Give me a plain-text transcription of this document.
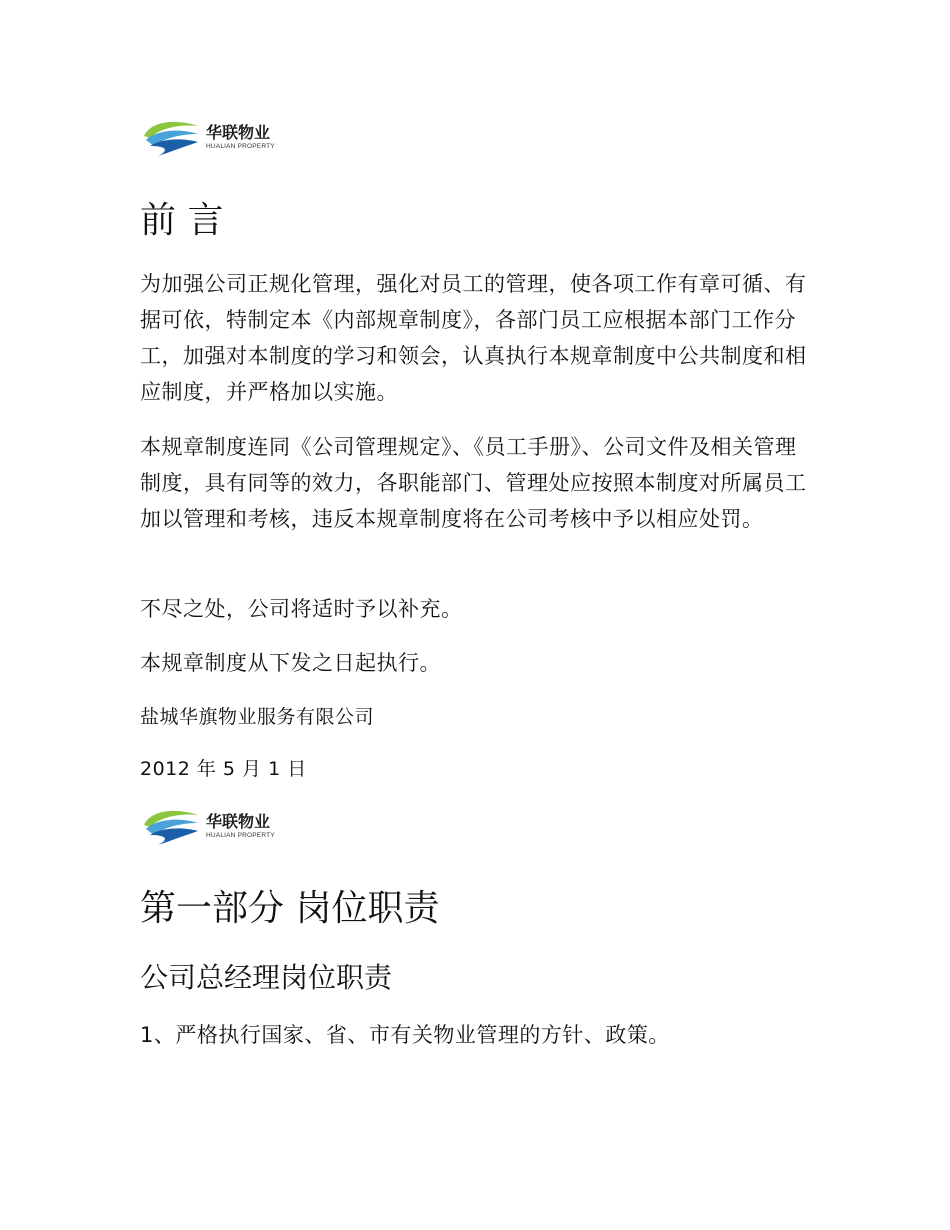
华联物业
HUALIAN PROPERTY
前 言

为加强公司正规化管理，强化对员工的管理，使各项工作有章可循、有据可依，特制定本《内部规章制度》，各部门员工应根据本部门工作分工，加强对本制度的学习和领会，认真执行本规章制度中公共制度和相应制度，并严格加以实施。

本规章制度连同《公司管理规定》、《员工手册》、公司文件及相关管理制度，具有同等的效力，各职能部门、管理处应按照本制度对所属员工加以管理和考核，违反本规章制度将在公司考核中予以相应处罚。

不尽之处，公司将适时予以补充。

本规章制度从下发之日起执行。

盐城华旗物业服务有限公司

2012 年 5 月 1 日

华联物业
HUALIAN PROPERTY
第一部分 岗位职责
公司总经理岗位职责

1、严格执行国家、省、市有关物业管理的方针、政策。
